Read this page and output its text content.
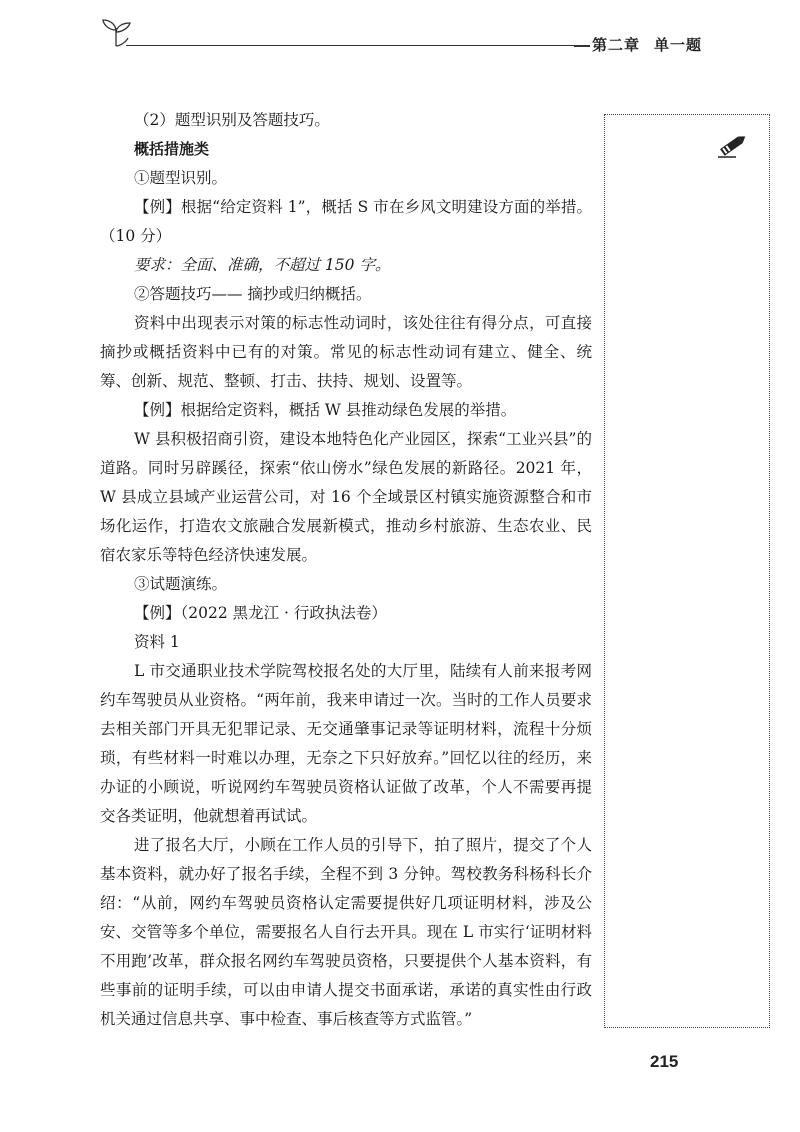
第二章 单一题

（2）题型识别及答题技巧。

概括措施类

①题型识别。

【例】根据“给定资料 1”，概括 S 市在乡风文明建设方面的举措。（10 分）

要求：全面、准确，不超过 150 字。

②答题技巧—— 摘抄或归纳概括。

资料中出现表示对策的标志性动词时，该处往往有得分点，可直接摘抄或概括资料中已有的对策。常见的标志性动词有建立、健全、统筹、创新、规范、整顿、打击、扶持、规划、设置等。

【例】根据给定资料，概括 W 县推动绿色发展的举措。

W 县积极招商引资，建设本地特色化产业园区，探索“工业兴县”的道路。同时另辟蹊径，探索“依山傍水”绿色发展的新路径。2021 年，W 县成立县域产业运营公司，对 16 个全域景区村镇实施资源整合和市场化运作，打造农文旅融合发展新模式，推动乡村旅游、生态农业、民宿农家乐等特色经济快速发展。

③试题演练。

【例】（2022 黑龙江 · 行政执法卷）

资料 1

L 市交通职业技术学院驾校报名处的大厅里，陆续有人前来报考网约车驾驶员从业资格。“两年前，我来申请过一次。当时的工作人员要求去相关部门开具无犯罪记录、无交通肇事记录等证明材料，流程十分烦琐，有些材料一时难以办理，无奈之下只好放弃。”回忆以往的经历，来办证的小顾说，听说网约车驾驶员资格认证做了改革，个人不需要再提交各类证明，他就想着再试试。

进了报名大厅，小顾在工作人员的引导下，拍了照片，提交了个人基本资料，就办好了报名手续，全程不到 3 分钟。驾校教务科杨科长介绍：“从前，网约车驾驶员资格认定需要提供好几项证明材料，涉及公安、交管等多个单位，需要报名人自行去开具。现在 L 市实行‘证明材料不用跑’改革，群众报名网约车驾驶员资格，只要提供个人基本资料，有些事前的证明手续，可以由申请人提交书面承诺，承诺的真实性由行政机关通过信息共享、事中检查、事后核查等方式监管。”

215
